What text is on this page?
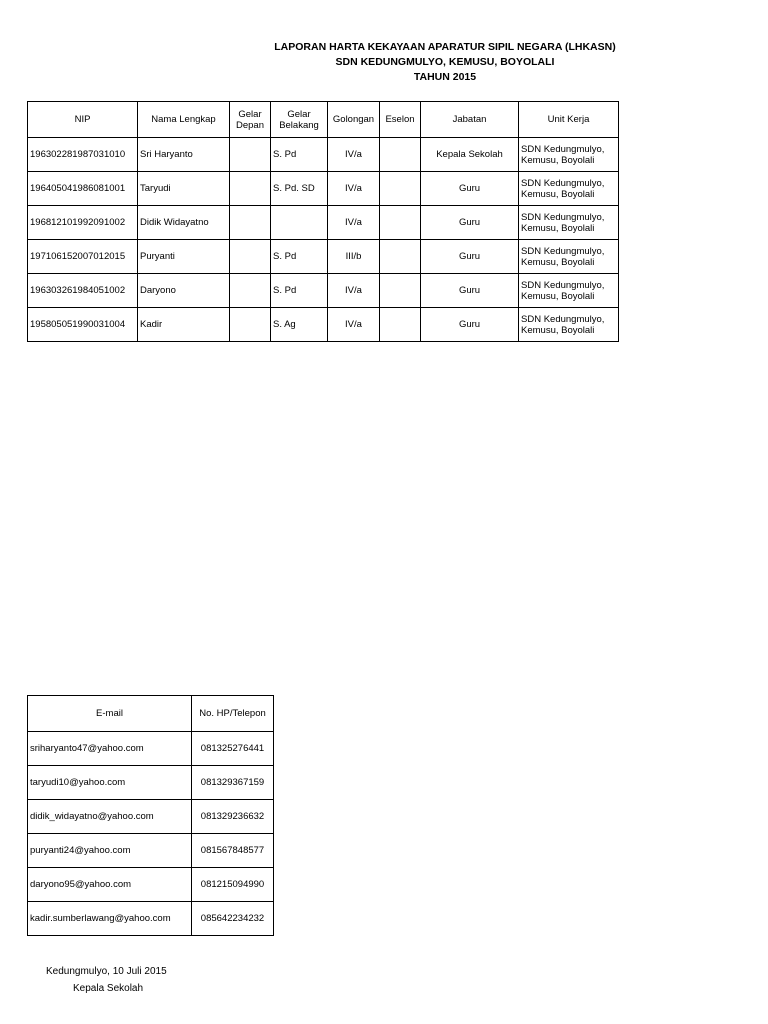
LAPORAN HARTA KEKAYAAN APARATUR SIPIL NEGARA (LHKASN)
SDN KEDUNGMULYO, KEMUSU, BOYOLALI
TAHUN 2015
NIP	Nama Lengkap	Gelar Depan	Gelar Belakang	Golongan	Eselon	Jabatan	Unit Kerja
196302281987031010	Sri Haryanto		S. Pd	IV/a		Kepala Sekolah	SDN Kedungmulyo, Kemusu, Boyolali
196405041986081001	Taryudi		S. Pd. SD	IV/a		Guru	SDN Kedungmulyo, Kemusu, Boyolali
196812101992091002	Didik Widayatno			IV/a		Guru	SDN Kedungmulyo, Kemusu, Boyolali
197106152007012015	Puryanti		S. Pd	III/b		Guru	SDN Kedungmulyo, Kemusu, Boyolali
196303261984051002	Daryono		S. Pd	IV/a		Guru	SDN Kedungmulyo, Kemusu, Boyolali
195805051990031004	Kadir		S. Ag	IV/a		Guru	SDN Kedungmulyo, Kemusu, Boyolali
E-mail	No. HP/Telepon
sriharyanto47@yahoo.com	081325276441
taryudi10@yahoo.com	081329367159
didik_widayatno@yahoo.com	081329236632
puryanti24@yahoo.com	081567848577
daryono95@yahoo.com	081215094990
kadir.sumberlawang@yahoo.com	085642234232
Kedungmulyo, 10 Juli 2015
Kepala Sekolah
